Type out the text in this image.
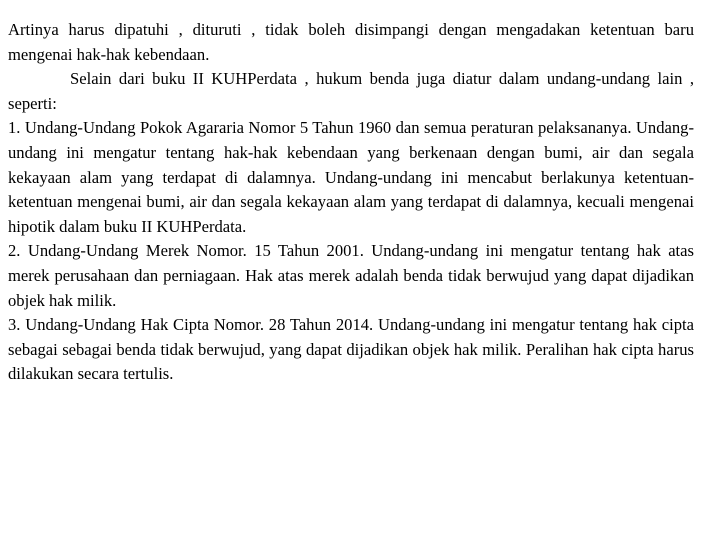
Artinya harus dipatuhi , dituruti , tidak boleh disimpangi dengan mengadakan ketentuan baru mengenai hak-hak kebendaan.

Selain dari buku II KUHPerdata , hukum benda juga diatur dalam undang-undang lain , seperti:

1. Undang-Undang Pokok Agararia Nomor 5 Tahun 1960 dan semua peraturan pelaksananya. Undang-undang ini mengatur tentang hak-hak kebendaan yang berkenaan dengan bumi, air dan segala kekayaan alam yang terdapat di dalamnya. Undang-undang ini mencabut berlakunya ketentuan-ketentuan mengenai bumi, air dan segala kekayaan alam yang terdapat di dalamnya, kecuali mengenai hipotik dalam buku II KUHPerdata.

2. Undang-Undang Merek Nomor. 15 Tahun 2001. Undang-undang ini mengatur tentang hak atas merek perusahaan dan perniagaan. Hak atas merek adalah benda tidak berwujud yang dapat dijadikan objek hak milik.

3. Undang-Undang Hak Cipta Nomor. 28 Tahun 2014. Undang-undang ini mengatur tentang hak cipta sebagai sebagai benda tidak berwujud, yang dapat dijadikan objek hak milik. Peralihan hak cipta harus dilakukan secara tertulis.
